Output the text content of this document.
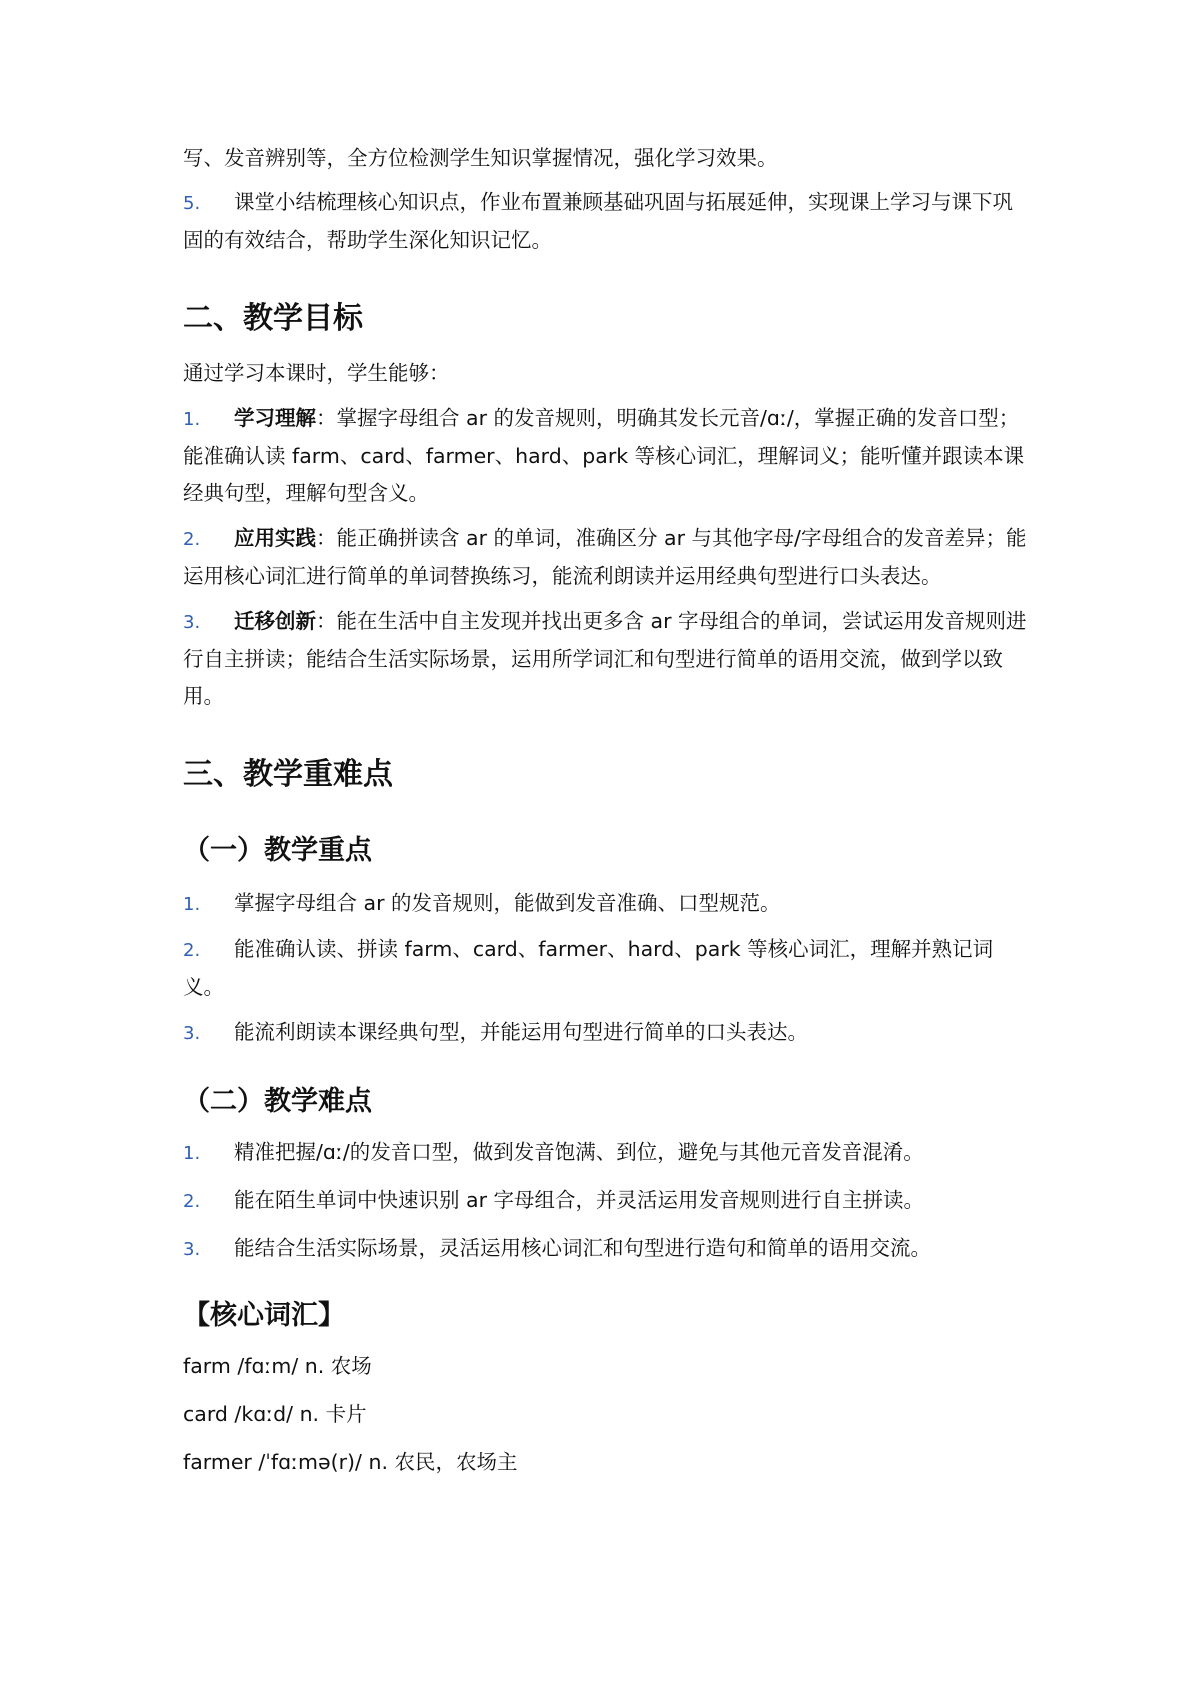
写、发音辨别等，全方位检测学生知识掌握情况，强化学习效果。

5. 课堂小结梳理核心知识点，作业布置兼顾基础巩固与拓展延伸，实现课上学习与课下巩固的有效结合，帮助学生深化知识记忆。

二、教学目标

通过学习本课时，学生能够：

1. 学习理解：掌握字母组合 ar 的发音规则，明确其发长元音/ɑː/，掌握正确的发音口型；能准确认读 farm、card、farmer、hard、park 等核心词汇，理解词义；能听懂并跟读本课经典句型，理解句型含义。

2. 应用实践：能正确拼读含 ar 的单词，准确区分 ar 与其他字母/字母组合的发音差异；能运用核心词汇进行简单的单词替换练习，能流利朗读并运用经典句型进行口头表达。

3. 迁移创新：能在生活中自主发现并找出更多含 ar 字母组合的单词，尝试运用发音规则进行自主拼读；能结合生活实际场景，运用所学词汇和句型进行简单的语用交流，做到学以致用。

三、教学重难点
（一）教学重点

1. 掌握字母组合 ar 的发音规则，能做到发音准确、口型规范。

2. 能准确认读、拼读 farm、card、farmer、hard、park 等核心词汇，理解并熟记词义。

3. 能流利朗读本课经典句型，并能运用句型进行简单的口头表达。

（二）教学难点

1. 精准把握/ɑː/的发音口型，做到发音饱满、到位，避免与其他元音发音混淆。

2. 能在陌生单词中快速识别 ar 字母组合，并灵活运用发音规则进行自主拼读。

3. 能结合生活实际场景，灵活运用核心词汇和句型进行造句和简单的语用交流。

【核心词汇】

farm /fɑːm/ n. 农场

card /kɑːd/ n. 卡片

farmer /ˈfɑːmə(r)/ n. 农民，农场主
